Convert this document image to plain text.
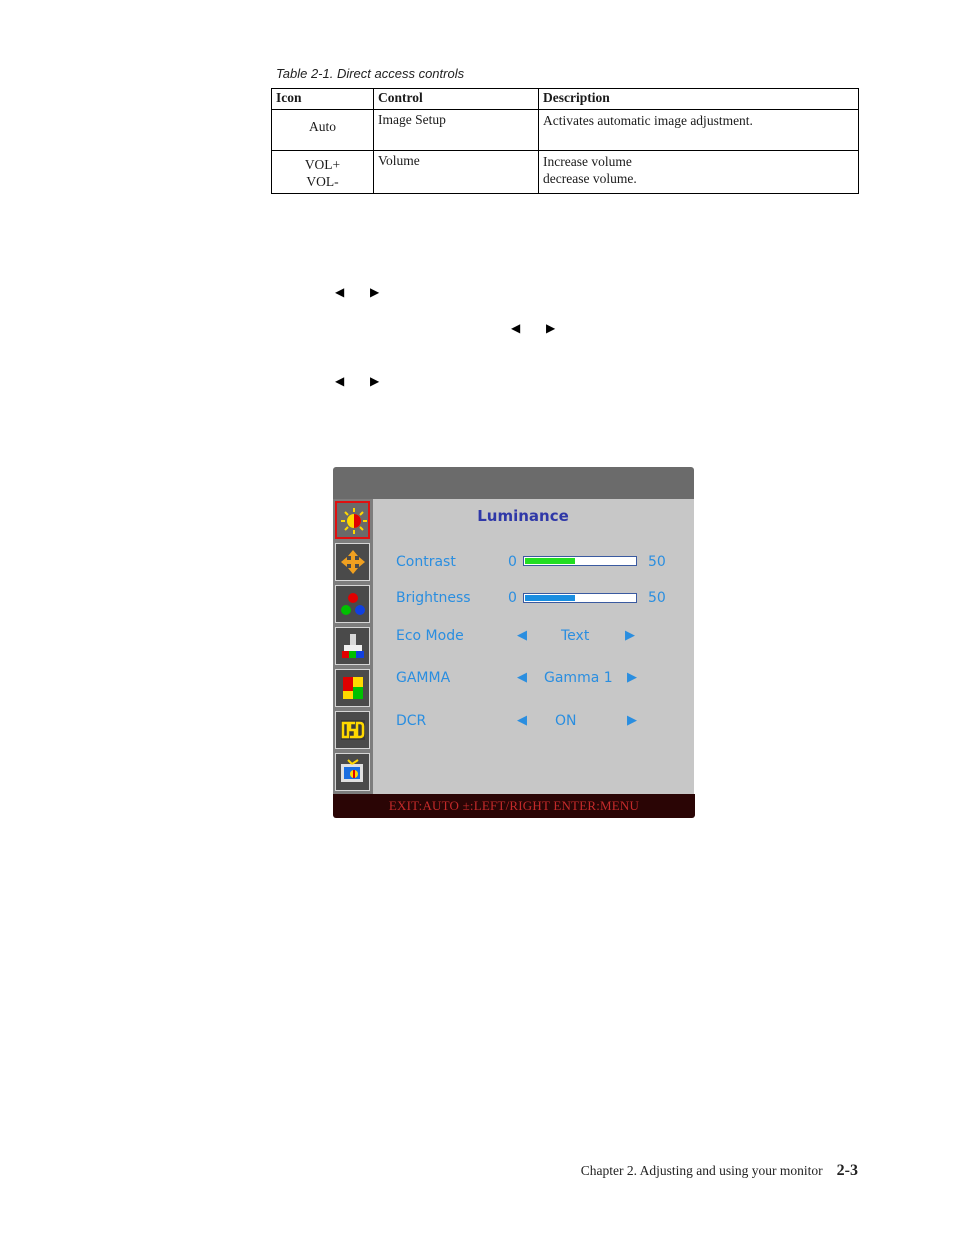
Table 2-1. Direct access controls
Icon	Control	Description

Auto	Image Setup	Activates automatic image adjustment.

VOL+
VOL-	Volume	Increase volume
decrease volume.
◀ ▶
◀ ▶
◀ ▶
Luminance
Contrast	0	50
Brightness	0	50
Eco Mode	◀ Text	▶
GAMMA	◀ Gamma 1 ▶
DCR	◀ ON	▶
EXIT:AUTO ±:LEFT/RIGHT ENTER:MENU
Chapter 2. Adjusting and using your monitor 2-3
